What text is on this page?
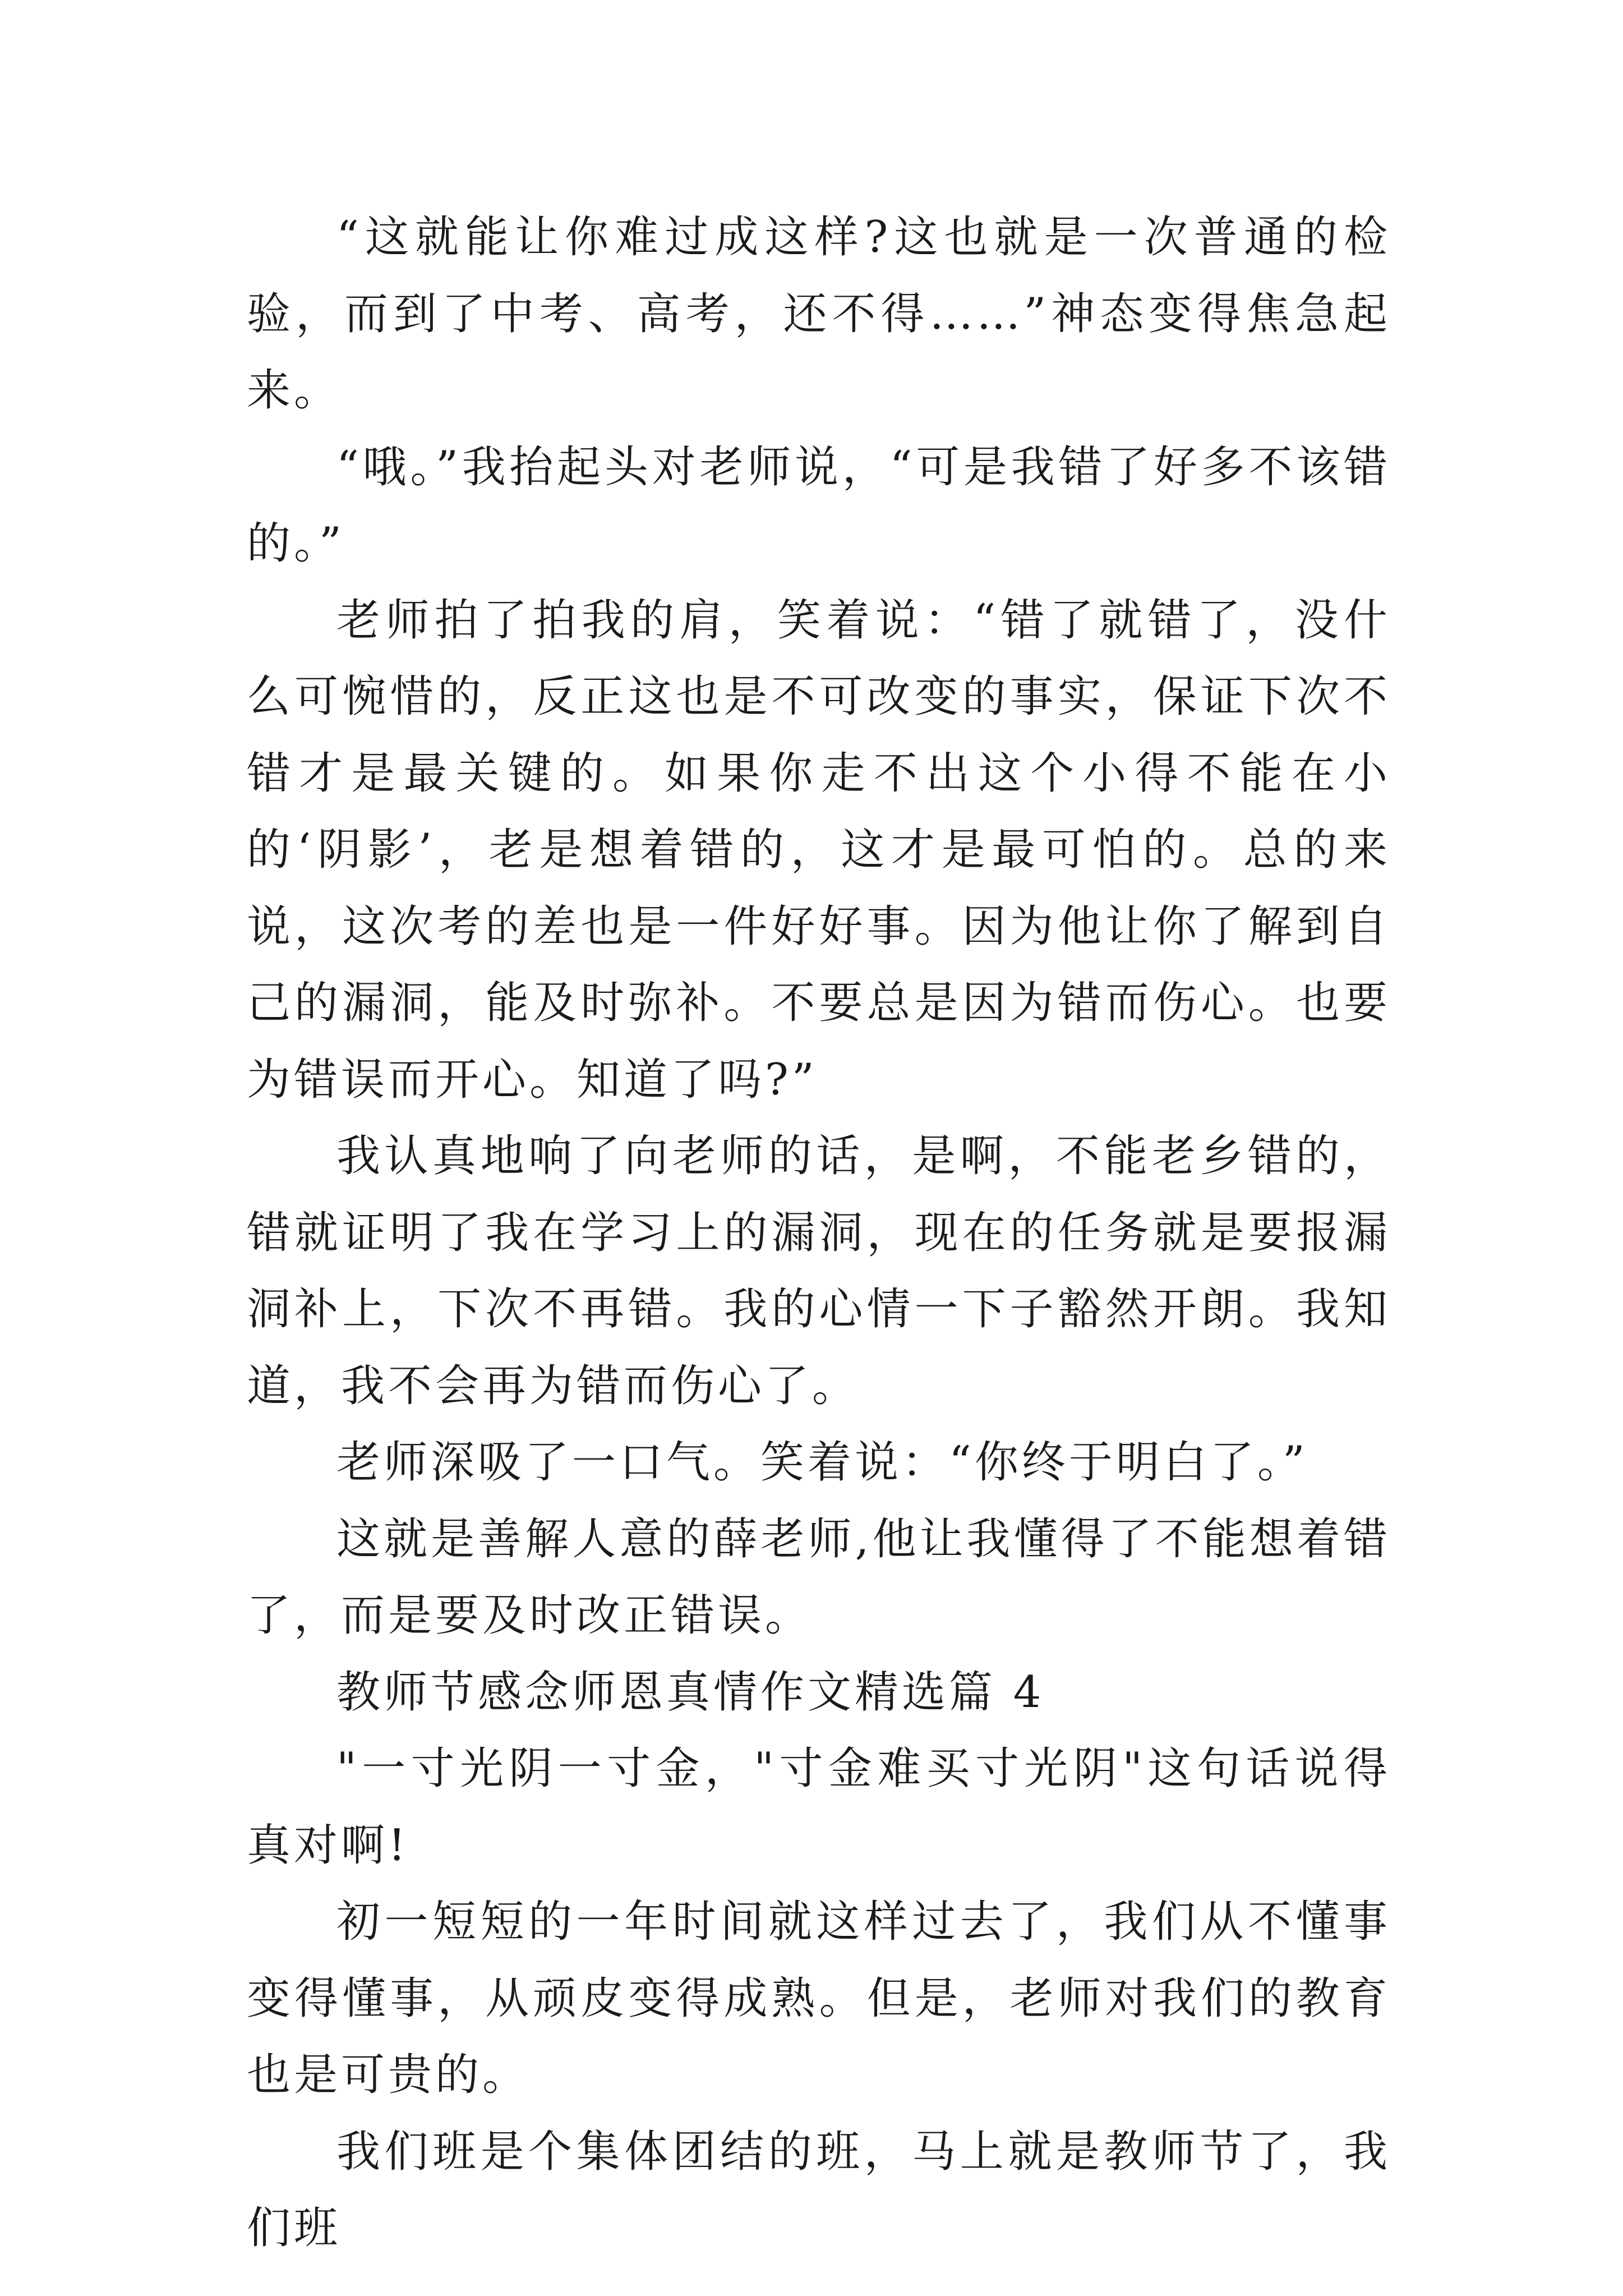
“这就能让你难过成这样?这也就是一次普通的检验，而到了中考、高考，还不得……”神态变得焦急起来。

“哦。”我抬起头对老师说，“可是我错了好多不该错的。”

老师拍了拍我的肩，笑着说：“错了就错了，没什么可惋惜的，反正这也是不可改变的事实，保证下次不错才是最关键的。如果你走不出这个小得不能在小的‘阴影’，老是想着错的，这才是最可怕的。总的来说，这次考的差也是一件好好事。因为他让你了解到自己的漏洞，能及时弥补。不要总是因为错而伤心。也要为错误而开心。知道了吗?”

我认真地响了向老师的话，是啊，不能老乡错的，错就证明了我在学习上的漏洞，现在的任务就是要报漏洞补上，下次不再错。我的心情一下子豁然开朗。我知道，我不会再为错而伤心了。

老师深吸了一口气。笑着说：“你终于明白了。”

这就是善解人意的薛老师,他让我懂得了不能想着错了，而是要及时改正错误。

教师节感念师恩真情作文精选篇 4

"一寸光阴一寸金，"寸金难买寸光阴"这句话说得真对啊!

初一短短的一年时间就这样过去了，我们从不懂事变得懂事，从顽皮变得成熟。但是，老师对我们的教育也是可贵的。

我们班是个集体团结的班，马上就是教师节了，我们班
